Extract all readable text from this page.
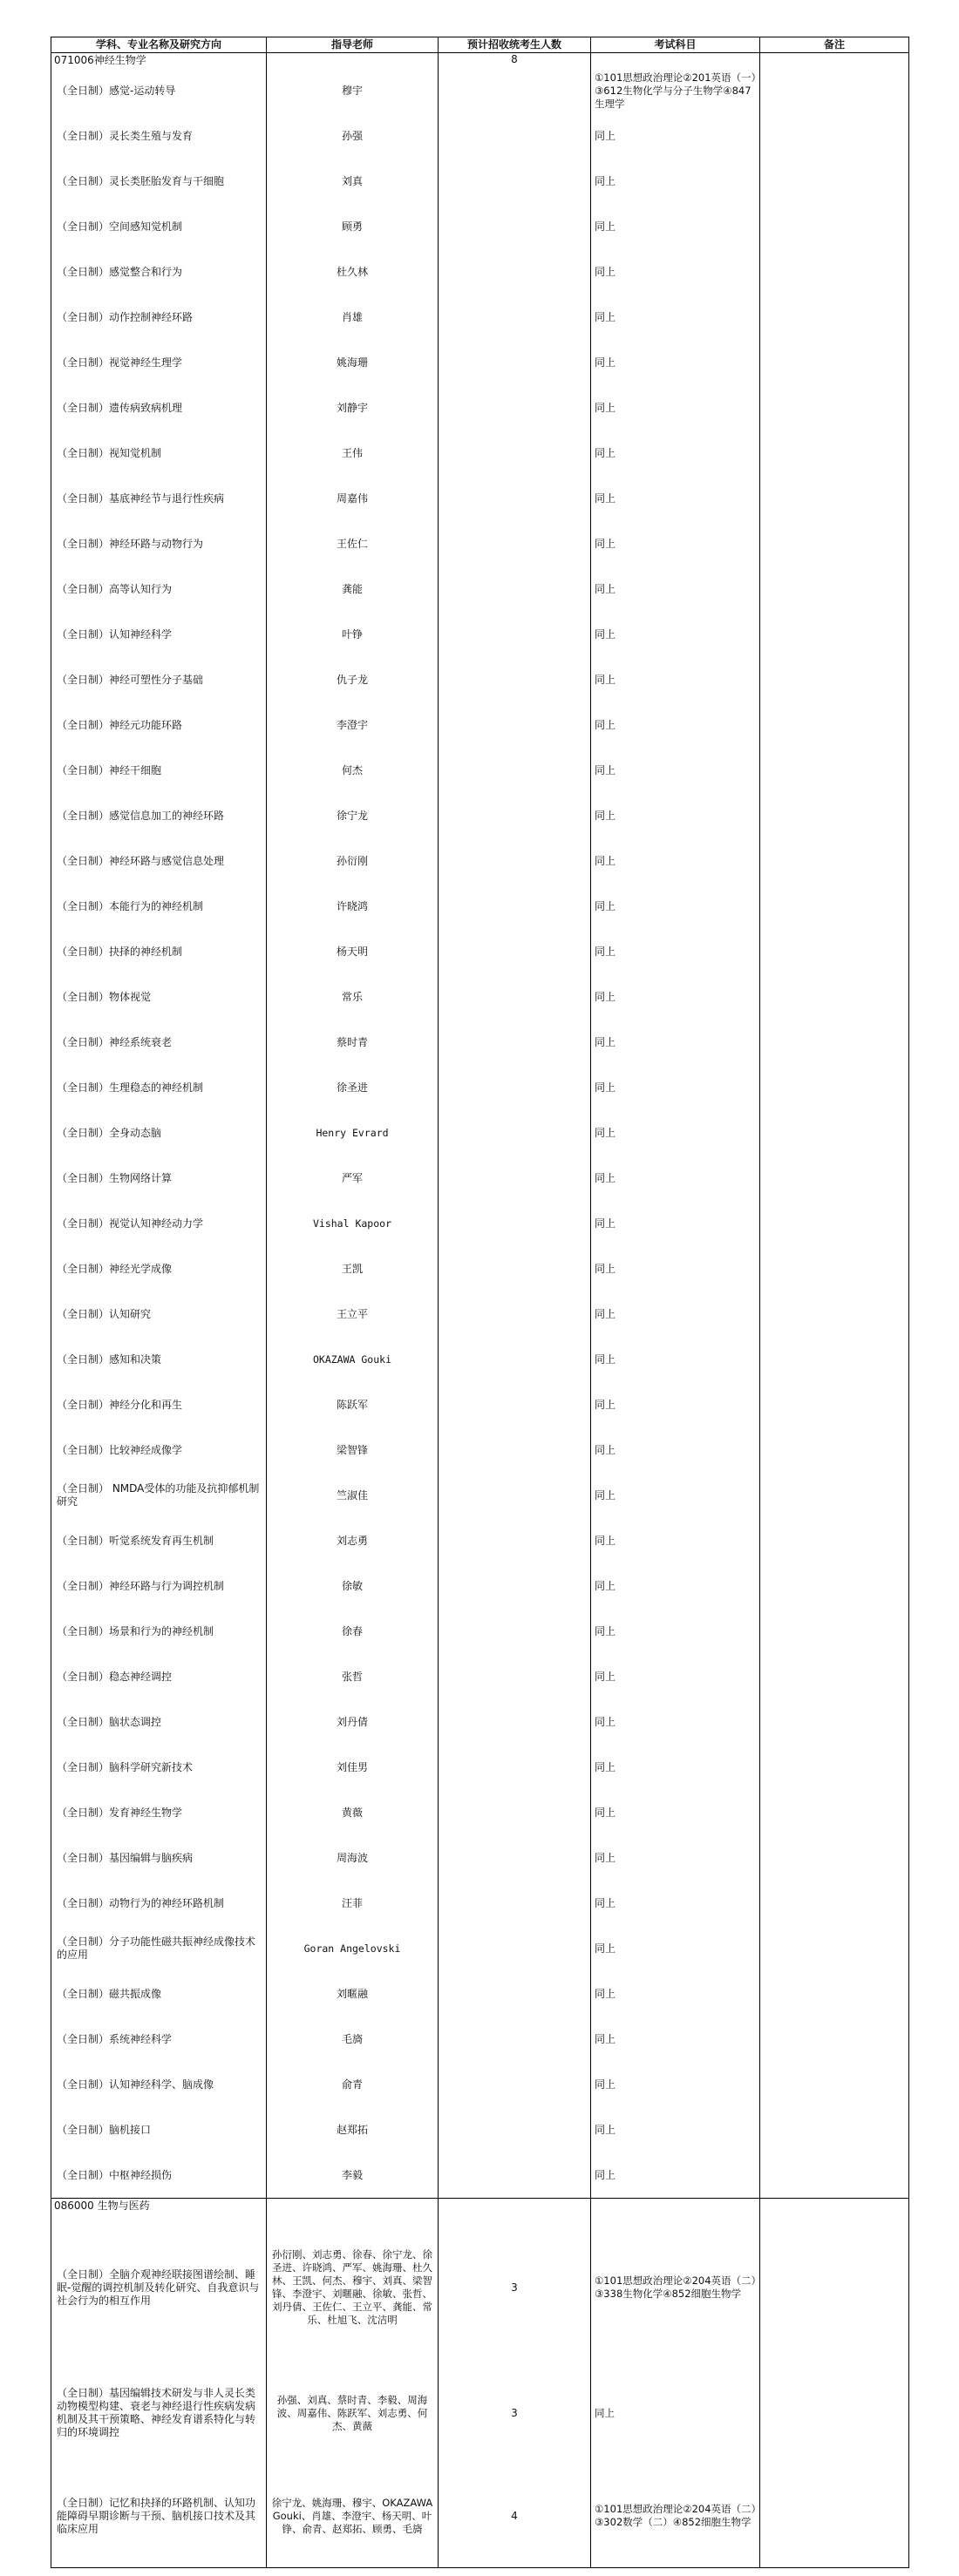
学科、专业名称及研究方向	指导老师	预计招收统考生人数	考试科目	备注
071006神经生物学		8		
（全日制）感觉-运动转导	穆宇		①101思想政治理论②201英语（一）③612生物化学与分子生物学④847生理学	
（全日制）灵长类生殖与发育	孙强		同上	
（全日制）灵长类胚胎发育与干细胞	刘真		同上	
（全日制）空间感知觉机制	顾勇		同上	
（全日制）感觉整合和行为	杜久林		同上	
（全日制）动作控制神经环路	肖雄		同上	
（全日制）视觉神经生理学	姚海珊		同上	
（全日制）遗传病致病机理	刘静宇		同上	
（全日制）视知觉机制	王伟		同上	
（全日制）基底神经节与退行性疾病	周嘉伟		同上	
（全日制）神经环路与动物行为	王佐仁		同上	
（全日制）高等认知行为	龚能		同上	
（全日制）认知神经科学	叶铮		同上	
（全日制）神经可塑性分子基础	仇子龙		同上	
（全日制）神经元功能环路	李澄宇		同上	
（全日制）神经干细胞	何杰		同上	
（全日制）感觉信息加工的神经环路	徐宁龙		同上	
（全日制）神经环路与感觉信息处理	孙衍刚		同上	
（全日制）本能行为的神经机制	许晓鸿		同上	
（全日制）抉择的神经机制	杨天明		同上	
（全日制）物体视觉	常乐		同上	
（全日制）神经系统衰老	蔡时青		同上	
（全日制）生理稳态的神经机制	徐圣进		同上	
（全日制）全身动态脑	Henry Evrard		同上	
（全日制）生物网络计算	严军		同上	
（全日制）视觉认知神经动力学	Vishal Kapoor		同上	
（全日制）神经光学成像	王凯		同上	
（全日制）认知研究	王立平		同上	
（全日制）感知和决策	OKAZAWA Gouki		同上	
（全日制）神经分化和再生	陈跃军		同上	
（全日制）比较神经成像学	梁智锋		同上	
（全日制） NMDA受体的功能及抗抑郁机制研究	竺淑佳		同上	
（全日制）听觉系统发育再生机制	刘志勇		同上	
（全日制）神经环路与行为调控机制	徐敏		同上	
（全日制）场景和行为的神经机制	徐春		同上	
（全日制）稳态神经调控	张哲		同上	
（全日制）脑状态调控	刘丹倩		同上	
（全日制）脑科学研究新技术	刘佳男		同上	
（全日制）发育神经生物学	黄薇		同上	
（全日制）基因编辑与脑疾病	周海波		同上	
（全日制）动物行为的神经环路机制	汪菲		同上	
（全日制）分子功能性磁共振神经成像技术的应用	Goran Angelovski		同上	
（全日制）磁共振成像	刘暱融		同上	
（全日制）系统神经科学	毛旖		同上	
（全日制）认知神经科学、脑成像	俞青		同上	
（全日制）脑机接口	赵郑拓		同上	
（全日制）中枢神经损伤	李毅		同上	
086000 生物与医药				
（全日制）全脑介观神经联接图谱绘制、睡眠-觉醒的调控机制及转化研究、自我意识与社会行为的相互作用	孙衍刚、刘志勇、徐春、徐宁龙、徐圣进、许晓鸿、严军、姚海珊、杜久林、王凯、何杰、穆宇、刘真、梁智锋、李澄宇、刘暱融、徐敏、张哲、刘丹倩、王佐仁、王立平、龚能、常乐、杜旭飞、沈洁明	3	①101思想政治理论②204英语（二）③338生物化学④852细胞生物学	
（全日制）基因编辑技术研发与非人灵长类动物模型构建、衰老与神经退行性疾病发病机制及其干预策略、神经发育谱系特化与转归的环境调控	孙强、刘真、蔡时青、李毅、周海波、周嘉伟、陈跃军、刘志勇、何杰、黄薇	3	同上	
（全日制）记忆和抉择的环路机制、认知功能障碍早期诊断与干预、脑机接口技术及其临床应用	徐宁龙、姚海珊、穆宇、OKAZAWA Gouki、肖雄、李澄宇、杨天明、叶铮、俞青、赵郑拓、顾勇、毛旖	4	①101思想政治理论②204英语（二）③302数学（二）④852细胞生物学	
